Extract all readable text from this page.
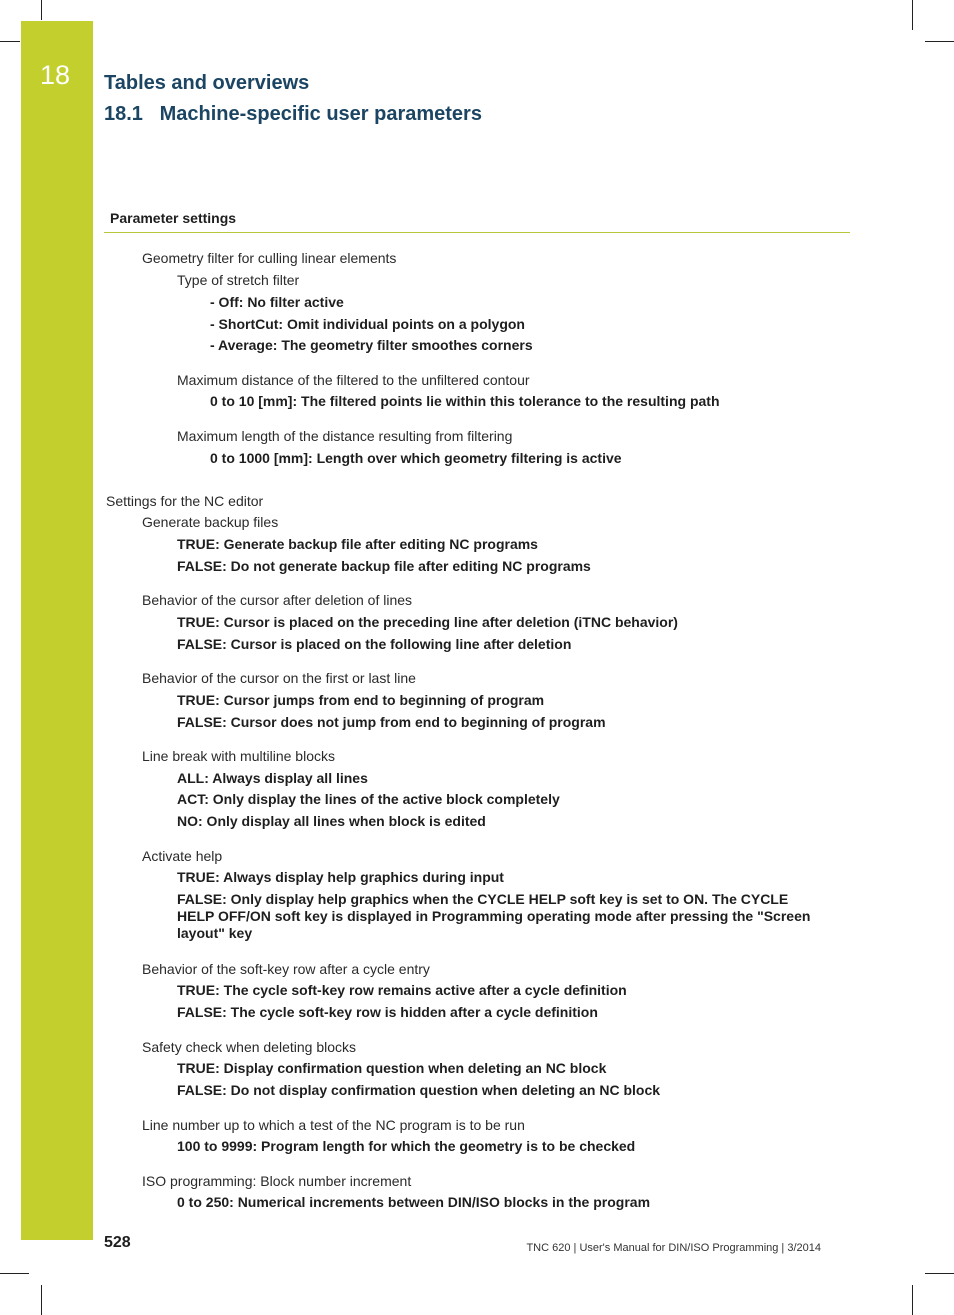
18	Tables and overviews
18.1   Machine-specific user parameters
Parameter settings
Geometry filter for culling linear elements
Type of stretch filter
- Off: No filter active
- ShortCut: Omit individual points on a polygon
- Average: The geometry filter smoothes corners
Maximum distance of the filtered to the unfiltered contour
0 to 10 [mm]: The filtered points lie within this tolerance to the resulting path
Maximum length of the distance resulting from filtering
0 to 1000 [mm]: Length over which geometry filtering is active
Settings for the NC editor
Generate backup files
TRUE: Generate backup file after editing NC programs
FALSE: Do not generate backup file after editing NC programs
Behavior of the cursor after deletion of lines
TRUE: Cursor is placed on the preceding line after deletion (iTNC behavior)
FALSE: Cursor is placed on the following line after deletion
Behavior of the cursor on the first or last line
TRUE: Cursor jumps from end to beginning of program
FALSE: Cursor does not jump from end to beginning of program
Line break with multiline blocks
ALL: Always display all lines
ACT: Only display the lines of the active block completely
NO: Only display all lines when block is edited
Activate help
TRUE: Always display help graphics during input
FALSE: Only display help graphics when the CYCLE HELP soft key is set to ON. The CYCLE HELP OFF/ON soft key is displayed in Programming operating mode after pressing the "Screen layout" key
Behavior of the soft-key row after a cycle entry
TRUE: The cycle soft-key row remains active after a cycle definition
FALSE: The cycle soft-key row is hidden after a cycle definition
Safety check when deleting blocks
TRUE: Display confirmation question when deleting an NC block
FALSE: Do not display confirmation question when deleting an NC block
Line number up to which a test of the NC program is to be run
100 to 9999: Program length for which the geometry is to be checked
ISO programming: Block number increment
0 to 250: Numerical increments between DIN/ISO blocks in the program
528	TNC 620 | User's Manual for DIN/ISO Programming | 3/2014
